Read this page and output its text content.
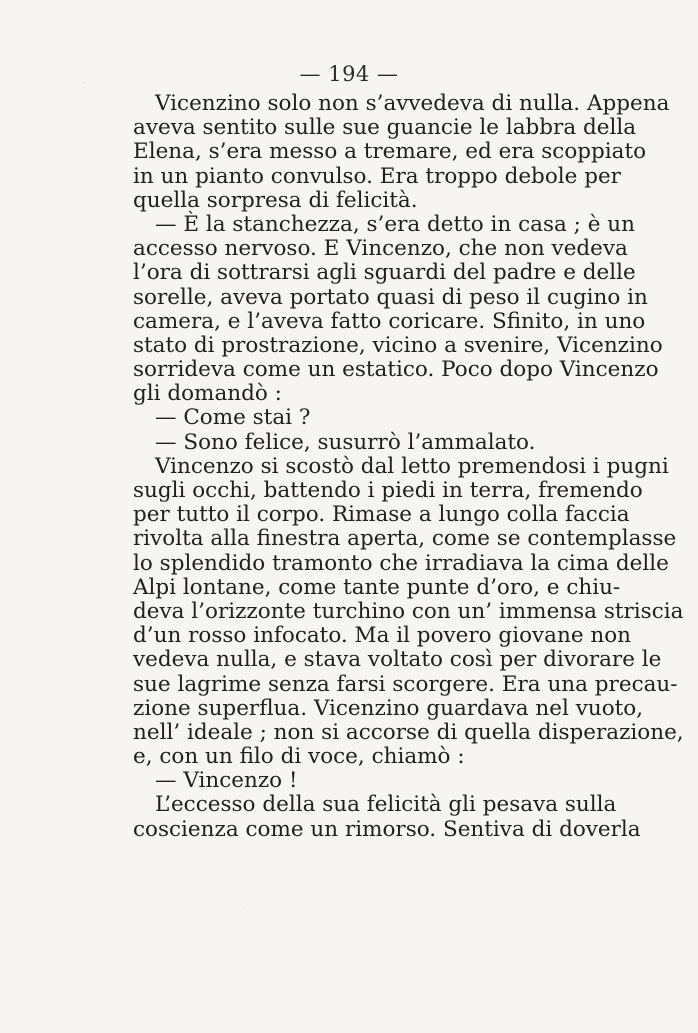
— 194 —
Vicenzino solo non s’avvedeva di nulla. Appena
aveva sentito sulle sue guancie le labbra della
Elena, s’era messo a tremare, ed era scoppiato
in un pianto convulso. Era troppo debole per
quella sorpresa di felicità.
— È la stanchezza, s’era detto in casa ; è un
accesso nervoso. E Vincenzo, che non vedeva
l’ora di sottrarsi agli sguardi del padre e delle
sorelle, aveva portato quasi di peso il cugino in
camera, e l’aveva fatto coricare. Sfinito, in uno
stato di prostrazione, vicino a svenire, Vicenzino
sorrideva come un estatico. Poco dopo Vincenzo
gli domandò :
— Come stai ?
— Sono felice, susurrò l’ammalato.
Vincenzo si scostò dal letto premendosi i pugni
sugli occhi, battendo i piedi in terra, fremendo
per tutto il corpo. Rimase a lungo colla faccia
rivolta alla finestra aperta, come se contemplasse
lo splendido tramonto che irradiava la cima delle
Alpi lontane, come tante punte d’oro, e chiu-
deva l’orizzonte turchino con un’ immensa striscia
d’un rosso infocato. Ma il povero giovane non
vedeva nulla, e stava voltato così per divorare le
sue lagrime senza farsi scorgere. Era una precau-
zione superflua. Vicenzino guardava nel vuoto,
nell’ ideale ; non si accorse di quella disperazione,
e, con un filo di voce, chiamò :
— Vincenzo !
L’eccesso della sua felicità gli pesava sulla
coscienza come un rimorso. Sentiva di doverla
